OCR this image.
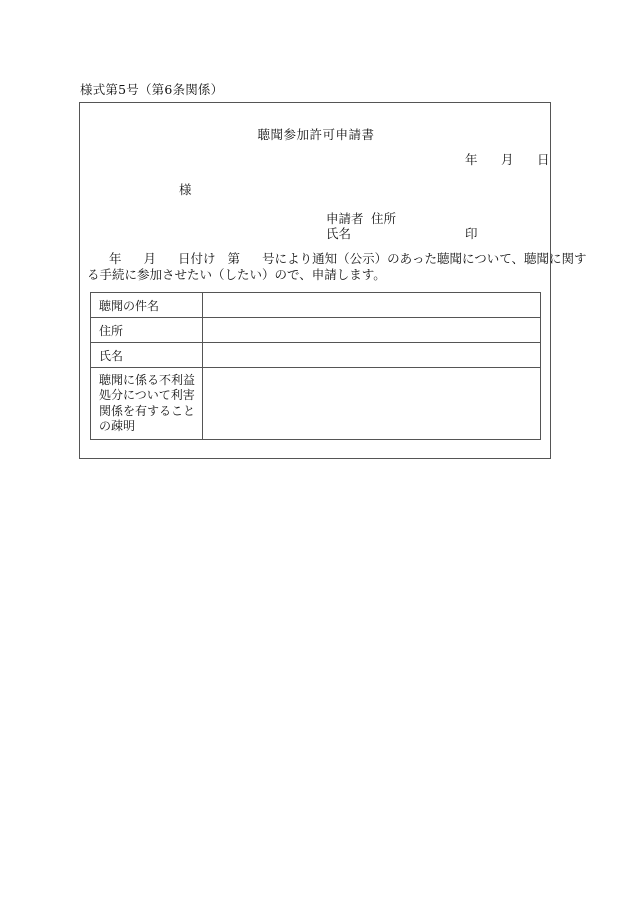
様式第5号（第6条関係）
聴聞参加許可申請書
年 月 日
様
申請者 住所
氏名	印
年 月 日付け 第 号により通知（公示）のあった聴聞について、聴聞に関す
る手続に参加させたい（したい）ので、申請します。
聴聞の件名	
住所	
氏名	

聴聞に係る不利益
処分について利害
関係を有すること
の疎明	
